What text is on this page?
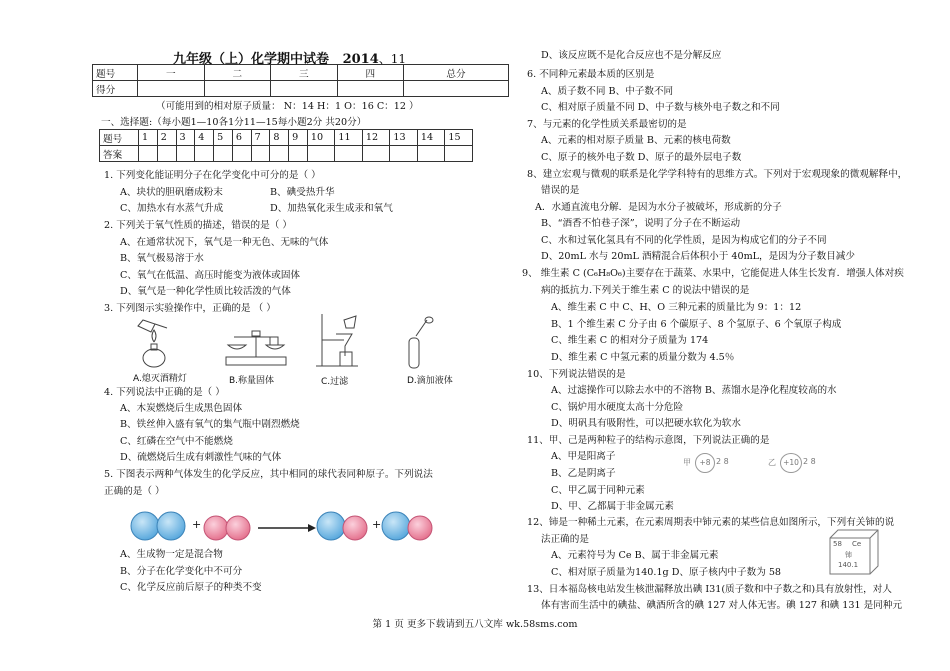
九年级（上）化学期中试卷 2014、11
题号	一	二	三	四	总分
得分					
（可能用到的相对原子质量： N：14 H：1 O：16 C：12 ）
一、选择题:（每小题1—10各1分11—15每小题2分 共20分）
题号	1	2	3	4	5	6	7	8	9	10	11	12	13	14	15
答案															
1. 下列变化能证明分子在化学变化中可分的是（ ）
A、块状的胆矾磨成粉末	B、碘受热升华
C、加热水有水蒸气升成	D、加热氧化汞生成汞和氧气
2. 下列关于氧气性质的描述，错误的是（ ）
A、在通常状况下，氧气是一种无色、无味的气体
B、氧气极易溶于水
C、氧气在低温、高压时能变为液体或固体
D、氧气是一种化学性质比较活泼的气体
3. 下列图示实验操作中，正确的是 （ ）
A.熄灭酒精灯	B.称量固体	C.过滤	D.滴加液体
4. 下列说法中正确的是（ ）
A、木炭燃烧后生成黑色固体
B、铁丝伸入盛有氧气的集气瓶中剧烈燃烧
C、红磷在空气中不能燃烧
D、硫燃烧后生成有刺激性气味的气体
5. 下图表示两种气体发生的化学反应，其中相同的球代表同种原子。下列说法
正确的是（ ）
+	+
A、生成物一定是混合物
B、分子在化学变化中不可分
C、化学反应前后原子的种类不变
D、该反应既不是化合反应也不是分解反应
6. 不同种元素最本质的区别是
A、质子数不同 B、中子数不同
C、相对原子质量不同 D、中子数与核外电子数之和不同
7、与元素的化学性质关系最密切的是
A、元素的相对原子质量 B、元素的核电荷数
C、原子的核外电子数 D、原子的最外层电子数
8、建立宏观与微观的联系是化学学科特有的思维方式。下列对于宏观现象的微观解释中，
错误的是
A．水通直流电分解．是因为水分子被破坏，形成新的分子
B、“酒香不怕巷子深”，说明了分子在不断运动
C、水和过氧化氢具有不同的化学性质，是因为构成它们的分子不同
D、20mL 水与 20mL 酒精混合后体积小于 40mL，是因为分子数目减少
9、 维生素 C (C₆H₈O₆)主要存在于蔬菜、水果中，它能促进人体生长发育．增强人体对疾
病的抵抗力.下列关于维生素 C 的说法中错误的是
A、维生素 C 中 C、H、O 三种元素的质量比为 9：1：12
B、1 个维生素 C 分子由 6 个碳原子、8 个氢原子、6 个氧原子构成
C、维生素 C 的相对分子质量为 174
D、维生素 C 中氢元素的质量分数为 4.5％
10、下列说法错误的是
A、过滤操作可以除去水中的不溶物 B、蒸馏水是净化程度较高的水
C、锅炉用水硬度太高十分危险
D、明矾具有吸附性，可以把硬水软化为软水
11、甲、己是两种粒子的结构示意图，下列说法正确的是
A、甲是阳离子
B、乙是阴离子
C、甲乙属于同种元素
D、甲、乙都属于非金属元素
甲	+8 2 8	乙 +10 2 8
12、铈是一种稀土元素，在元素周期表中铈元素的某些信息如图所示，下列有关铈的说
法正确的是
A、元素符号为 Ce B、属于非金属元素
C、相对原子质量为140.1g D、原子核内中子数为 58
58 Ce
铈
140.1
13、日本福岛核电站发生核泄漏释放出碘 I31(质子数和中子数之和)具有放射性，对人
体有害而生活中的碘盐、碘酒所含的碘 127 对人体无害。碘 127 和碘 131 是同种元
第 1 页 更多下载请到五八文库 wk.58sms.com
